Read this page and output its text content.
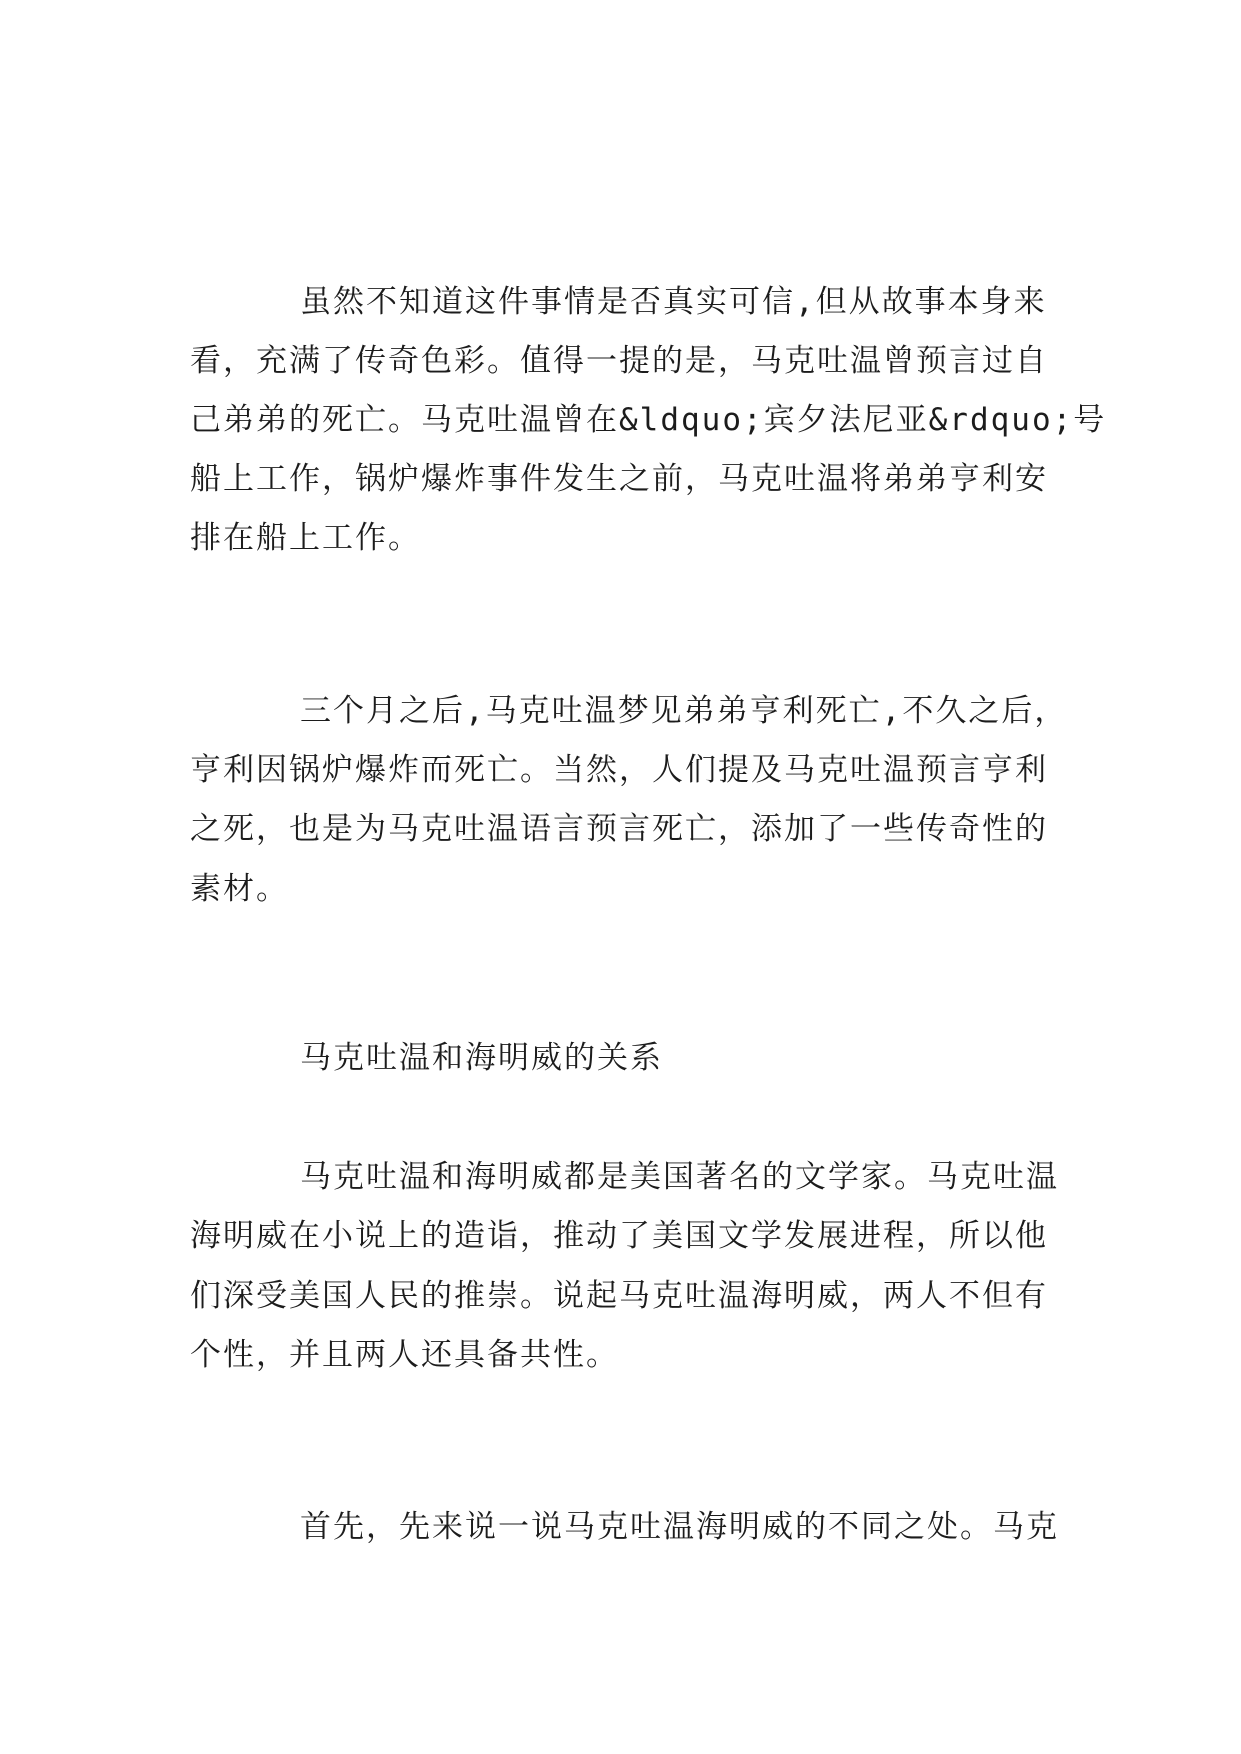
虽然不知道这件事情是否真实可信,但从故事本身来
看，充满了传奇色彩。值得一提的是，马克吐温曾预言过自
己弟弟的死亡。马克吐温曾在&ldquo;宾夕法尼亚&rdquo;号
船上工作，锅炉爆炸事件发生之前，马克吐温将弟弟亨利安
排在船上工作。
三个月之后,马克吐温梦见弟弟亨利死亡,不久之后，
亨利因锅炉爆炸而死亡。当然，人们提及马克吐温预言亨利
之死，也是为马克吐温语言预言死亡，添加了一些传奇性的
素材。
马克吐温和海明威的关系
马克吐温和海明威都是美国著名的文学家。马克吐温
海明威在小说上的造诣，推动了美国文学发展进程，所以他
们深受美国人民的推崇。说起马克吐温海明威，两人不但有
个性，并且两人还具备共性。
首先，先来说一说马克吐温海明威的不同之处。马克
